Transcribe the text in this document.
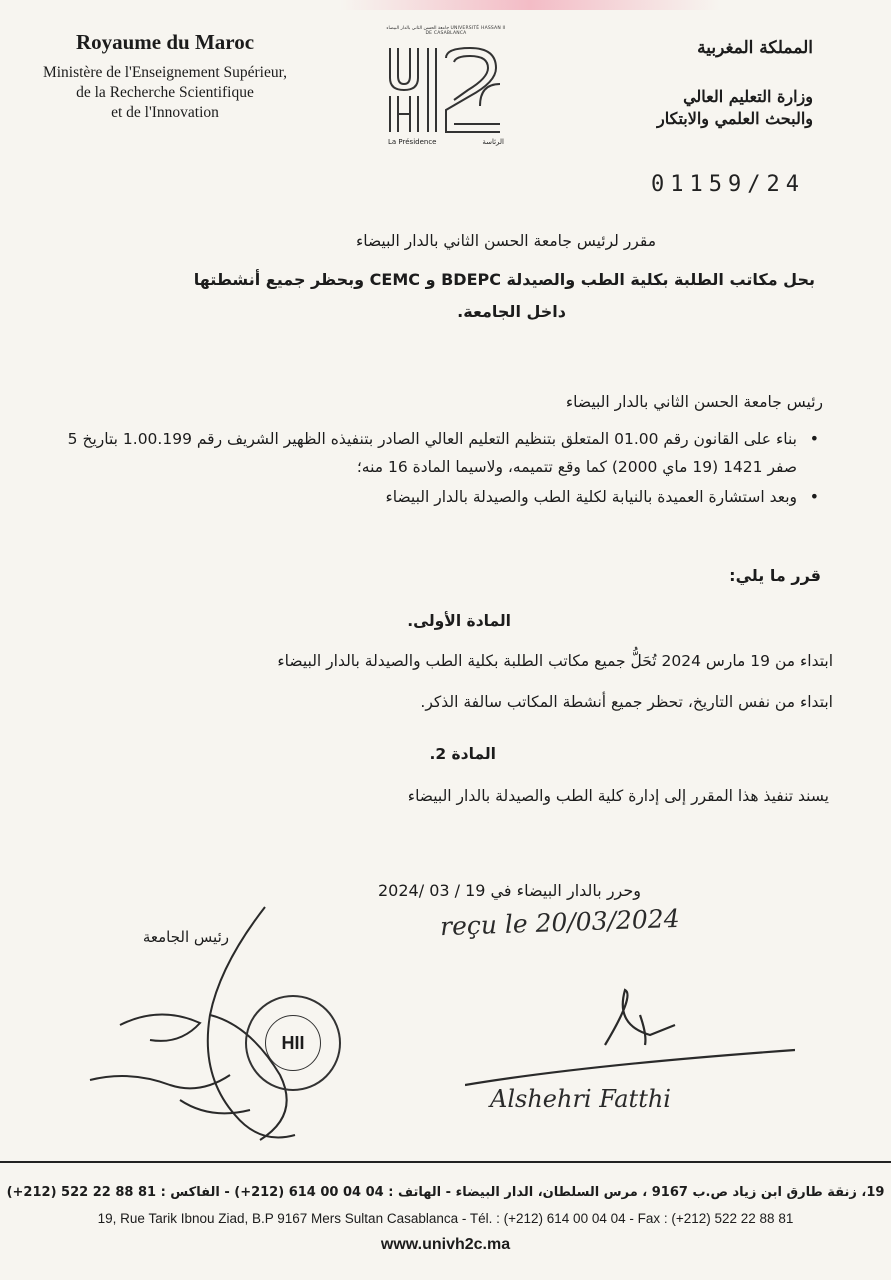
Royaume du Maroc
Ministère de l'Enseignement Supérieur,
de la Recherche Scientifique
et de l'Innovation
جامعة الحسن الثاني بالدار البيضاء UNIVERSITÉ HASSAN II DE CASABLANCA
La Présidence	الرئاسة
المملكة المغربية
وزارة التعليم العالي
والبحث العلمي والابتكار
01159/24
مقرر لرئيس جامعة الحسن الثاني بالدار البيضاء
بحل مكاتب الطلبة بكلية الطب والصيدلة BDEPC و CEMC وبحظر جميع أنشطتها
داخل الجامعة.
رئيس جامعة الحسن الثاني بالدار البيضاء
• بناء على القانون رقم 01.00 المتعلق بتنظيم التعليم العالي الصادر بتنفيذه الظهير الشريف رقم 1.00.199 بتاريخ 5 صفر 1421 (19 ماي 2000) كما وقع تتميمه، ولاسيما المادة 16 منه؛
• وبعد استشارة العميدة بالنيابة لكلية الطب والصيدلة بالدار البيضاء
قرر ما يلي:
المادة الأولى.
ابتداء من 19 مارس 2024 تُحَلُّ جميع مكاتب الطلبة بكلية الطب والصيدلة بالدار البيضاء
ابتداء من نفس التاريخ، تحظر جميع أنشطة المكاتب سالفة الذكر.
المادة 2.
يسند تنفيذ هذا المقرر إلى إدارة كلية الطب والصيدلة بالدار البيضاء
وحرر بالدار البيضاء في 19 / 03 /2024
reçu le 20/03/2024
رئيس الجامعة
HII
Alshehri Fatthi
19، زنقة طارق ابن زياد ص.ب 9167 ، مرس السلطان، الدار البيضاء - الهاتف : 04 04 00 614 (212+) - الفاكس : 81 88 22 522 (212+)
19, Rue Tarik Ibnou Ziad, B.P 9167 Mers Sultan Casablanca - Tél. : (+212) 614 00 04 04 - Fax : (+212) 522 22 88 81
www.univh2c.ma
